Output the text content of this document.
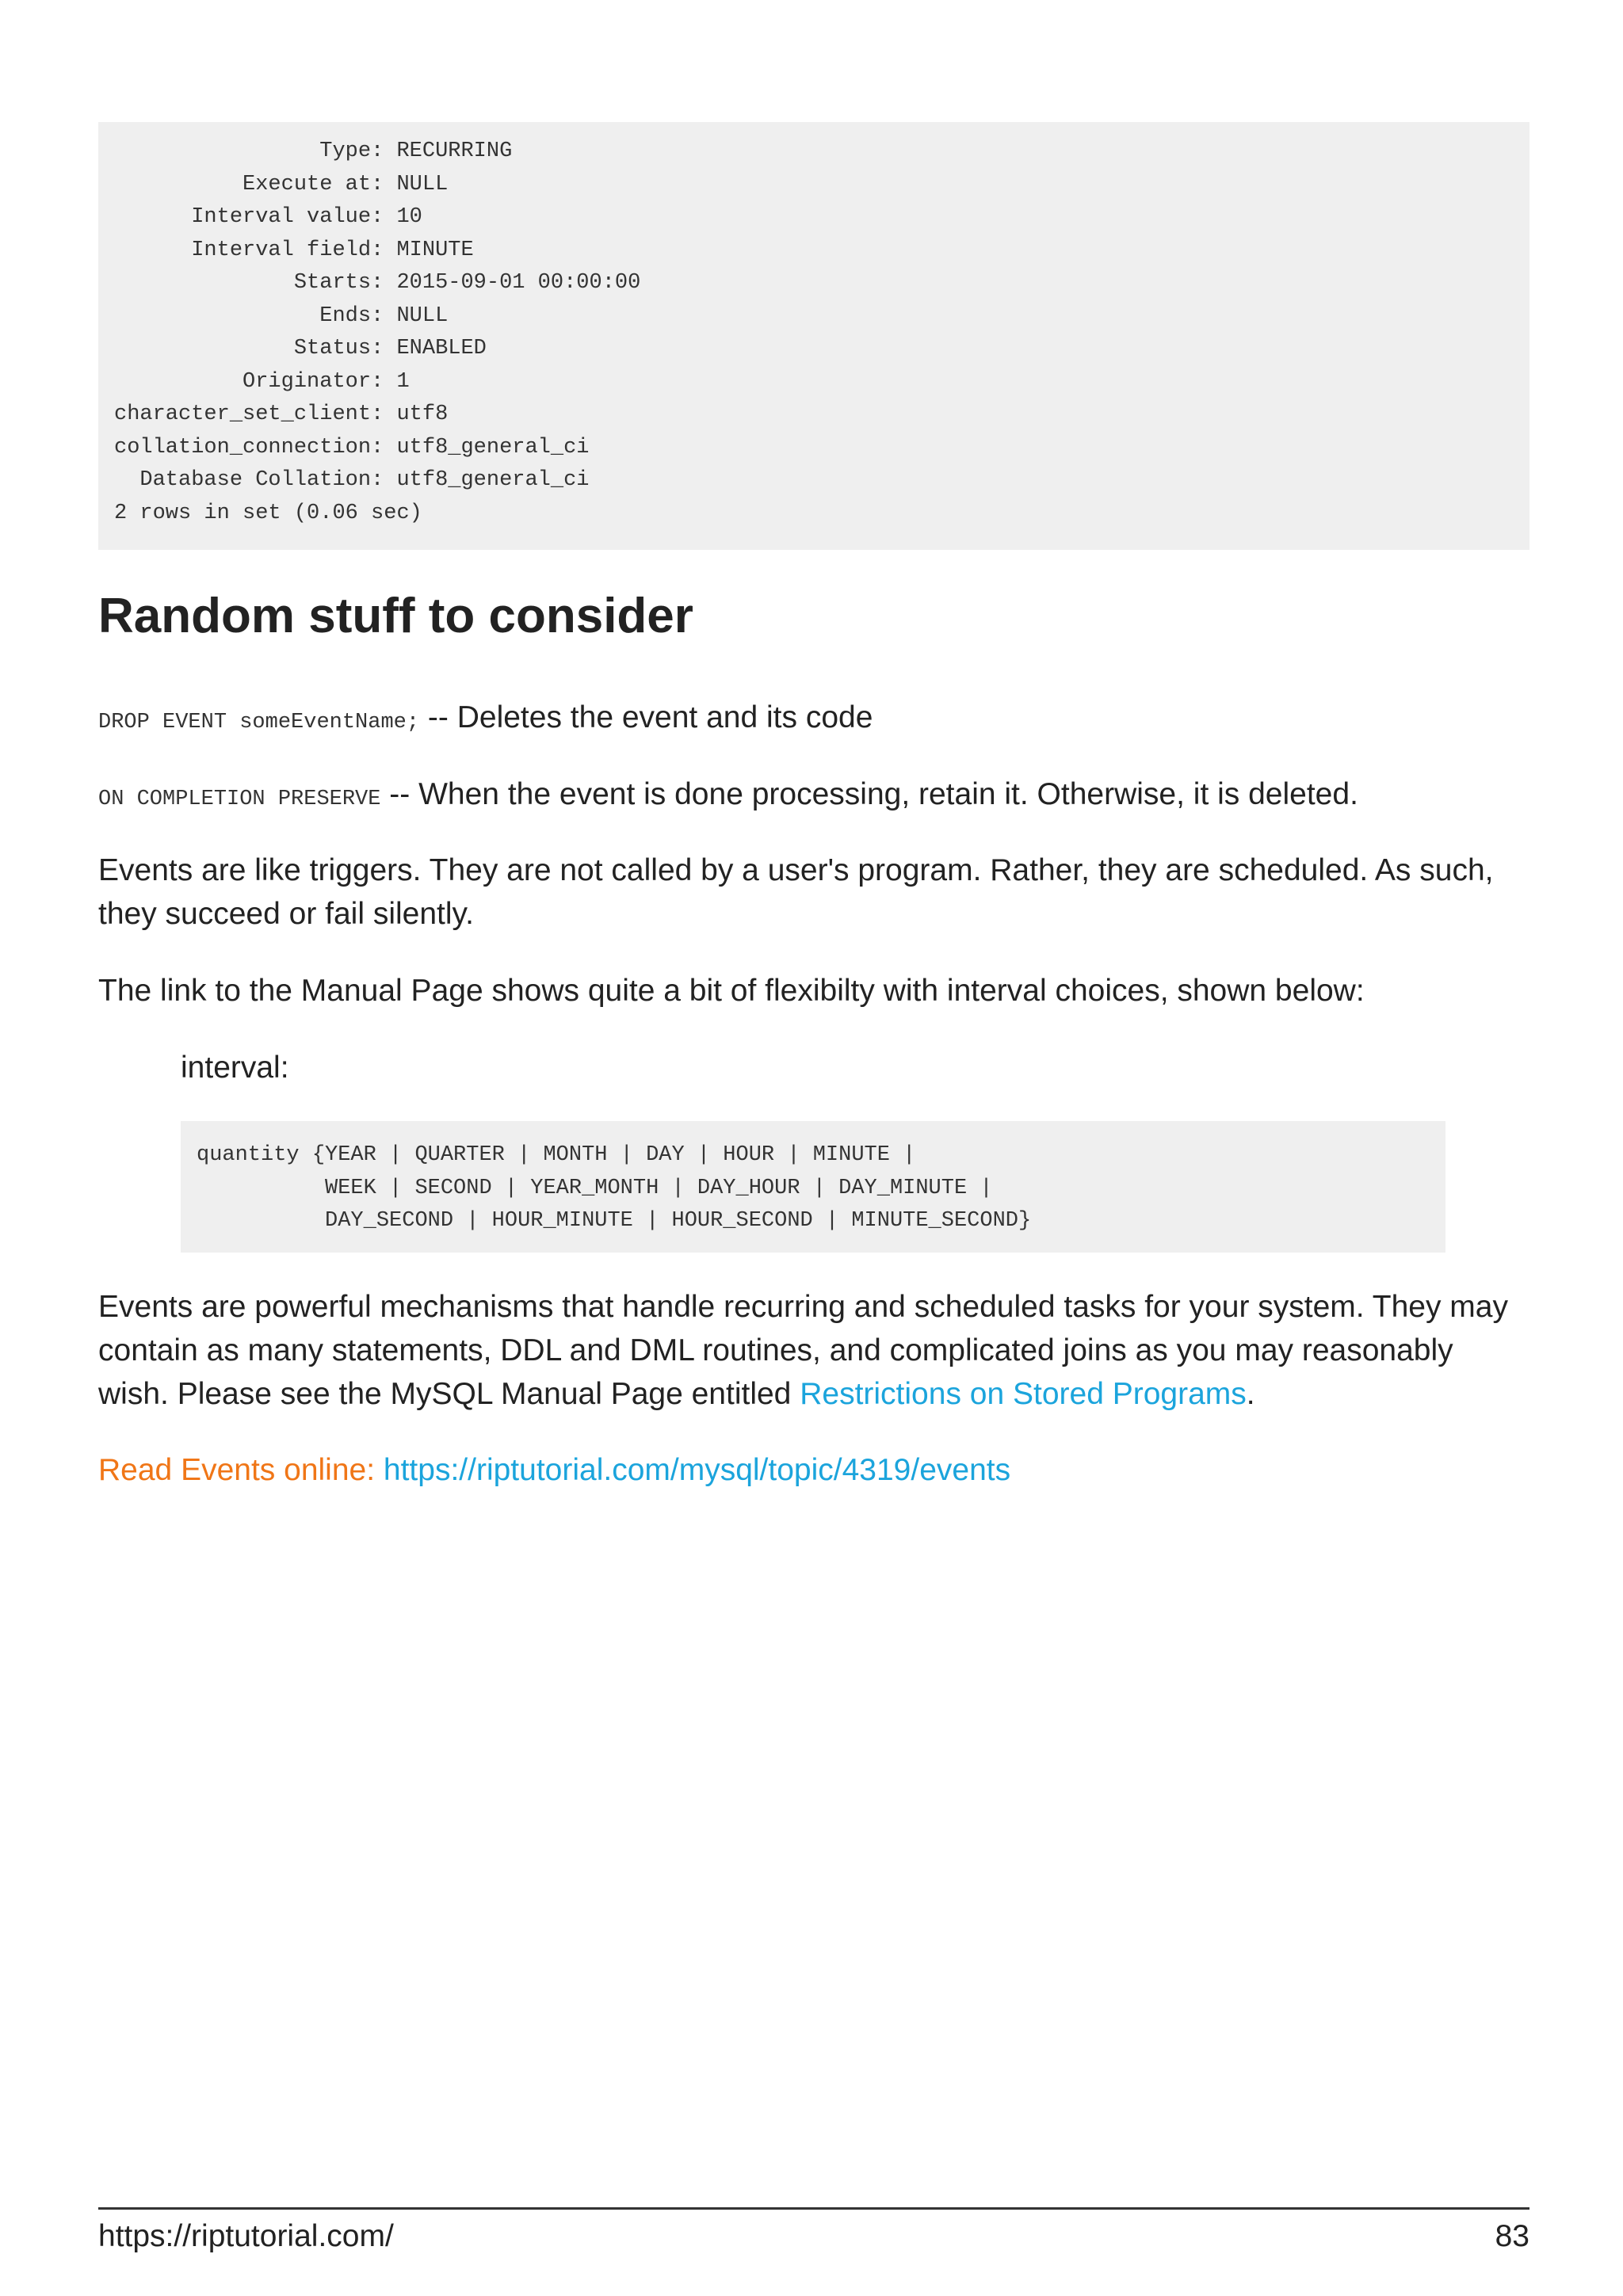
Type: RECURRING
Execute at: NULL
Interval value: 10
Interval field: MINUTE
Starts: 2015-09-01 00:00:00
Ends: NULL
Status: ENABLED
Originator: 1
character_set_client: utf8
collation_connection: utf8_general_ci
Database Collation: utf8_general_ci
2 rows in set (0.06 sec)
Random stuff to consider

DROP EVENT someEventName; -- Deletes the event and its code

ON COMPLETION PRESERVE -- When the event is done processing, retain it. Otherwise, it is deleted.

Events are like triggers. They are not called by a user's program. Rather, they are scheduled. As such, they succeed or fail silently.

The link to the Manual Page shows quite a bit of flexibilty with interval choices, shown below:

interval:

quantity {YEAR | QUARTER | MONTH | DAY | HOUR | MINUTE |
WEEK | SECOND | YEAR_MONTH | DAY_HOUR | DAY_MINUTE |
DAY_SECOND | HOUR_MINUTE | HOUR_SECOND | MINUTE_SECOND}

Events are powerful mechanisms that handle recurring and scheduled tasks for your system. They may contain as many statements, DDL and DML routines, and complicated joins as you may reasonably wish. Please see the MySQL Manual Page entitled Restrictions on Stored Programs.

Read Events online: https://riptutorial.com/mysql/topic/4319/events

https://riptutorial.com/	83
